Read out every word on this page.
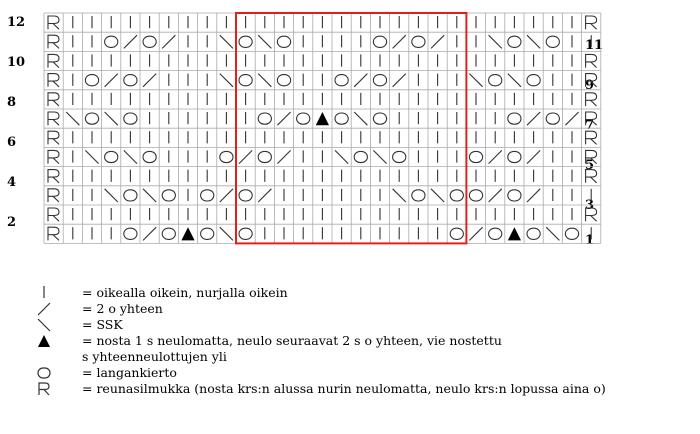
12
10
8
6
4
2
11
9
7
5
3
1
= oikealla oikein, nurjalla oikein
= 2 o yhteen
= SSK
= nosta 1 s neulomatta, neulo seuraavat 2 s o yhteen, vie nostettu
s yhteenneulottujen yli
= langankierto
= reunasilmukka (nosta krs:n alussa nurin neulomatta, neulo krs:n lopussa aina o)
